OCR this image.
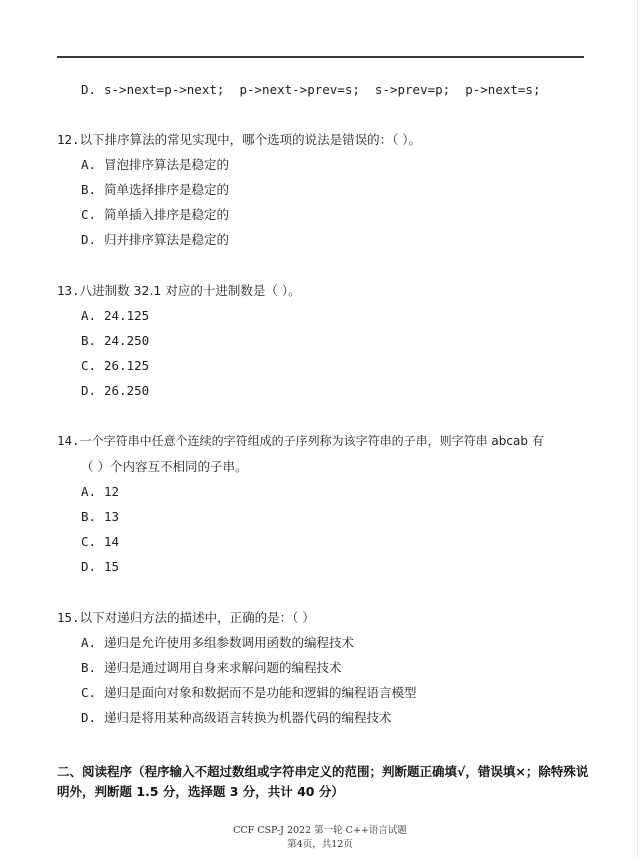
D. s->next=p->next;  p->next->prev=s;  s->prev=p;  p->next=s;
12.以下排序算法的常见实现中，哪个选项的说法是错误的：（ ）。
A. 冒泡排序算法是稳定的
B. 简单选择排序是稳定的
C. 简单插入排序是稳定的
D. 归并排序算法是稳定的
13.八进制数 32.1 对应的十进制数是（ ）。
A. 24.125
B. 24.250
C. 26.125
D. 26.250
14.一个字符串中任意个连续的字符组成的子序列称为该字符串的子串，则字符串 abcab 有
（ ）个内容互不相同的子串。
A. 12
B. 13
C. 14
D. 15
15.以下对递归方法的描述中，正确的是：（ ）
A. 递归是允许使用多组参数调用函数的编程技术
B. 递归是通过调用自身来求解问题的编程技术
C. 递归是面向对象和数据而不是功能和逻辑的编程语言模型
D. 递归是将用某种高级语言转换为机器代码的编程技术
二、阅读程序（程序输入不超过数组或字符串定义的范围；判断题正确填√，错误填×；除特殊说明外，判断题 1.5 分，选择题 3 分，共计 40 分）
CCF CSP-J 2022 第一轮 C++语言试题
第4页，共12页
